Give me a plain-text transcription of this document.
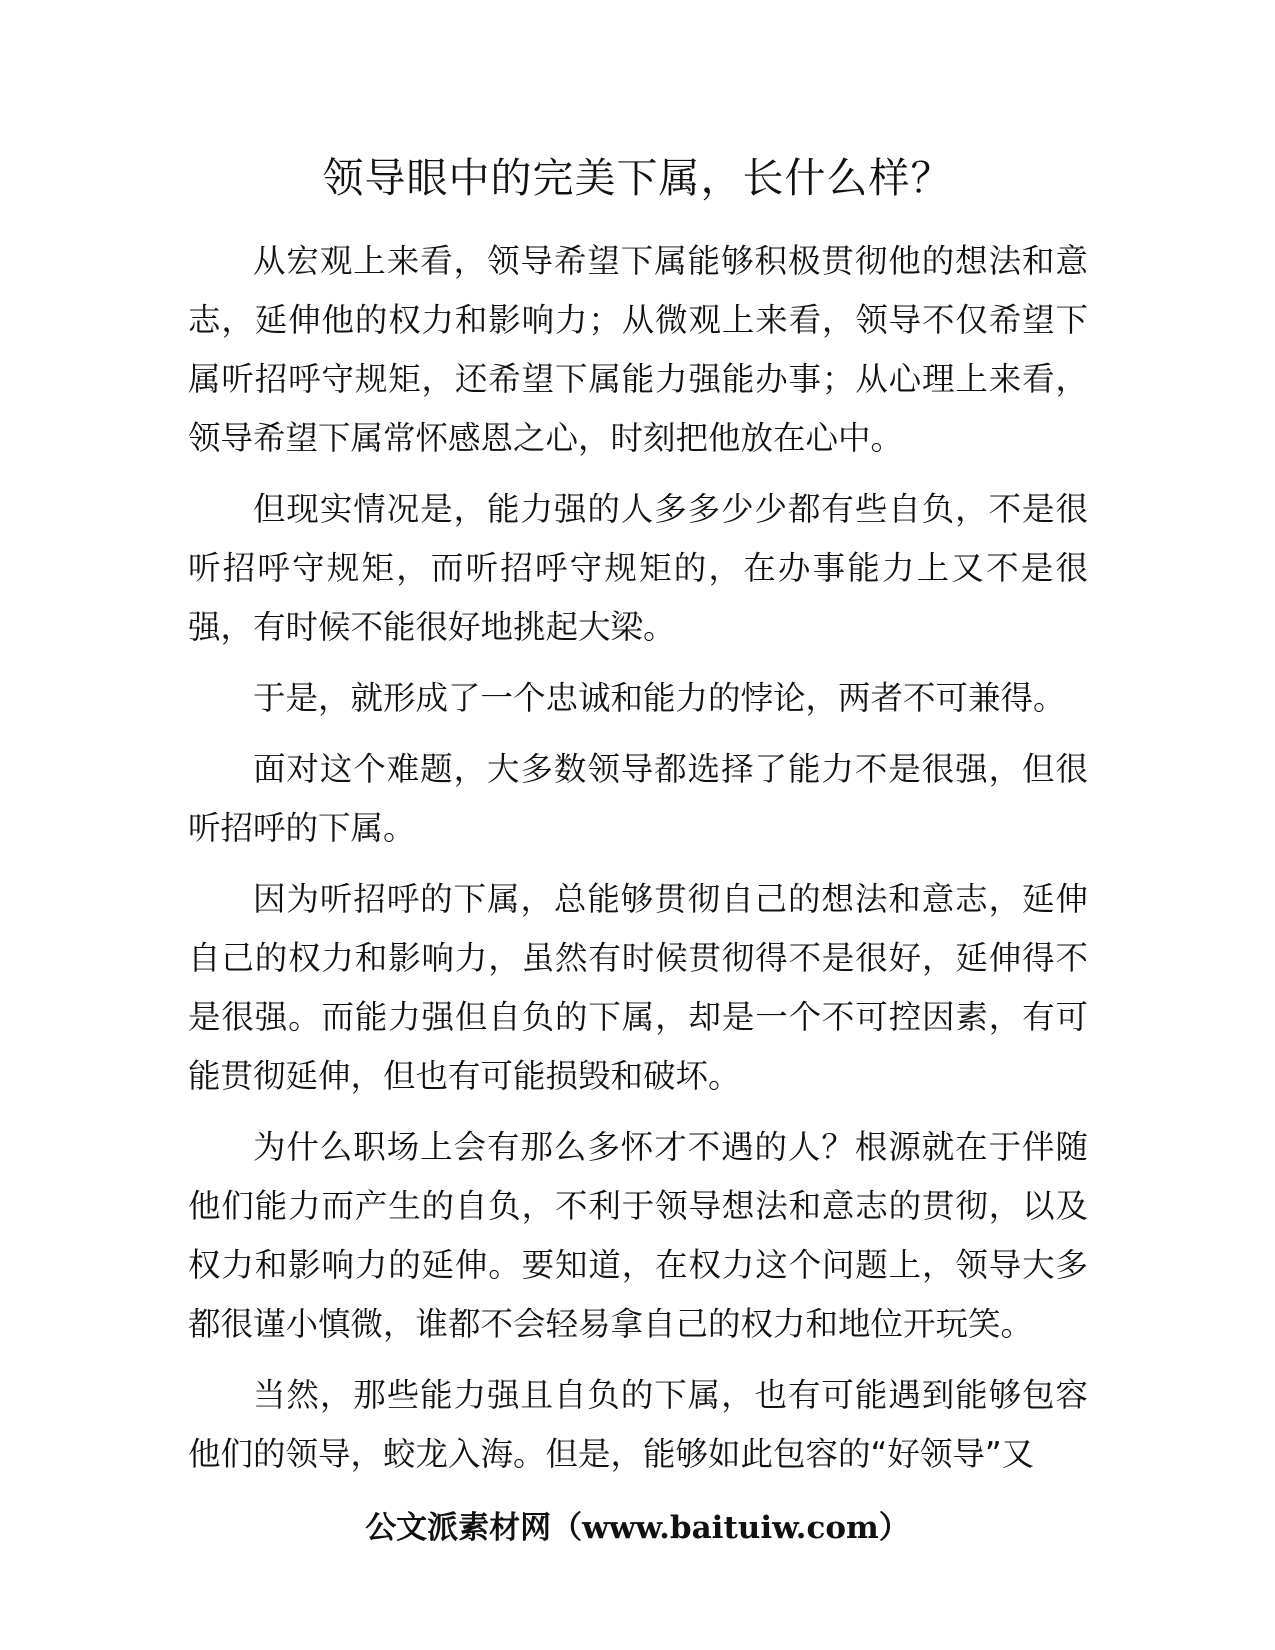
领导眼中的完美下属，长什么样？

从宏观上来看，领导希望下属能够积极贯彻他的想法和意志，延伸他的权力和影响力；从微观上来看，领导不仅希望下属听招呼守规矩，还希望下属能力强能办事；从心理上来看，领导希望下属常怀感恩之心，时刻把他放在心中。

但现实情况是，能力强的人多多少少都有些自负，不是很听招呼守规矩，而听招呼守规矩的，在办事能力上又不是很强，有时候不能很好地挑起大梁。

于是，就形成了一个忠诚和能力的悖论，两者不可兼得。

面对这个难题，大多数领导都选择了能力不是很强，但很听招呼的下属。

因为听招呼的下属，总能够贯彻自己的想法和意志，延伸自己的权力和影响力，虽然有时候贯彻得不是很好，延伸得不是很强。而能力强但自负的下属，却是一个不可控因素，有可能贯彻延伸，但也有可能损毁和破坏。

为什么职场上会有那么多怀才不遇的人？根源就在于伴随他们能力而产生的自负，不利于领导想法和意志的贯彻，以及权力和影响力的延伸。要知道，在权力这个问题上，领导大多都很谨小慎微，谁都不会轻易拿自己的权力和地位开玩笑。

当然，那些能力强且自负的下属，也有可能遇到能够包容他们的领导，蛟龙入海。但是，能够如此包容的“好领导”又

公文派素材网（www.baituiw.com）
